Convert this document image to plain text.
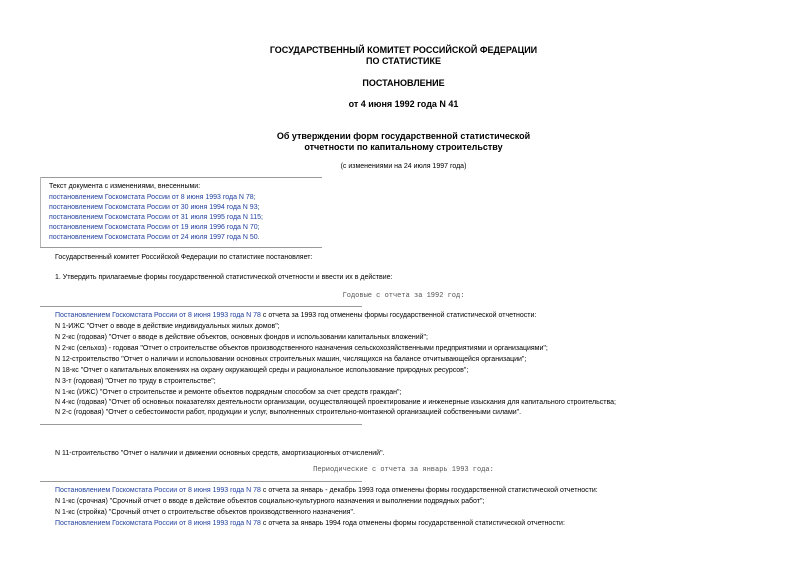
ГОСУДАРСТВЕННЫЙ КОМИТЕТ РОССИЙСКОЙ ФЕДЕРАЦИИ
ПО СТАТИСТИКЕ
ПОСТАНОВЛЕНИЕ
от 4 июня 1992 года N 41
Об утверждении форм государственной статистической
отчетности по капитальному строительству
(с изменениями на 24 июля 1997 года)
Текст документа с изменениями, внесенными:
постановлением Госкомстата России от 8 июня 1993 года N 78;
постановлением Госкомстата России от 30 июня 1994 года N 93;
постановлением Госкомстата России от 31 июля 1995 года N 115;
постановлением Госкомстата России от 19 июля 1996 года N 70;
постановлением Госкомстата России от 24 июля 1997 года N 50.
Государственный комитет Российской Федерации по статистике постановляет:
1. Утвердить прилагаемые формы государственной статистической отчетности и ввести их в действие:
Годовые с отчета за 1992 год:
Постановлением Госкомстата России от 8 июня 1993 года N 78 с отчета за 1993 год отменены формы государственной статистической отчетности:
N 1-ИЖС "Отчет о вводе в действие индивидуальных жилых домов";
N 2-кс (годовая) "Отчет о вводе в действие объектов, основных фондов и использовании капитальных вложений";
N 2-кс (сельхоз) - годовая "Отчет о строительстве объектов производственного назначения сельскохозяйственными предприятиями и организациями";
N 12-строительство "Отчет о наличии и использовании основных строительных машин, числящихся на балансе отчитывающейся организации";
N 18-кс "Отчет о капитальных вложениях на охрану окружающей среды и рациональное использование природных ресурсов";
N 3-т (годовая) "Отчет по труду в строительстве";
N 1-кс (ИЖС) "Отчет о строительстве и ремонте объектов подрядным способом за счет средств граждан";
N 4-кс (годовая) "Отчет об основных показателях деятельности организации, осуществляющей проектирование и инженерные изыскания для капитального строительства;
N 2-с (годовая) "Отчет о себестоимости работ, продукции и услуг, выполненных строительно-монтажной организацией собственными силами".
N 11-строительство "Отчет о наличии и движении основных средств, амортизационных отчислений".
Периодические с отчета за январь 1993 года:
Постановлением Госкомстата России от 8 июня 1993 года N 78 с отчета за январь - декабрь 1993 года отменены формы государственной статистической отчетности:
N 1-кс (срочная) "Срочный отчет о вводе в действие объектов социально-культурного назначения и выполнении подрядных работ";
N 1-кс (стройка) "Срочный отчет о строительстве объектов производственного назначения".
Постановлением Госкомстата России от 8 июня 1993 года N 78 с отчета за январь 1994 года отменены формы государственной статистической отчетности:
